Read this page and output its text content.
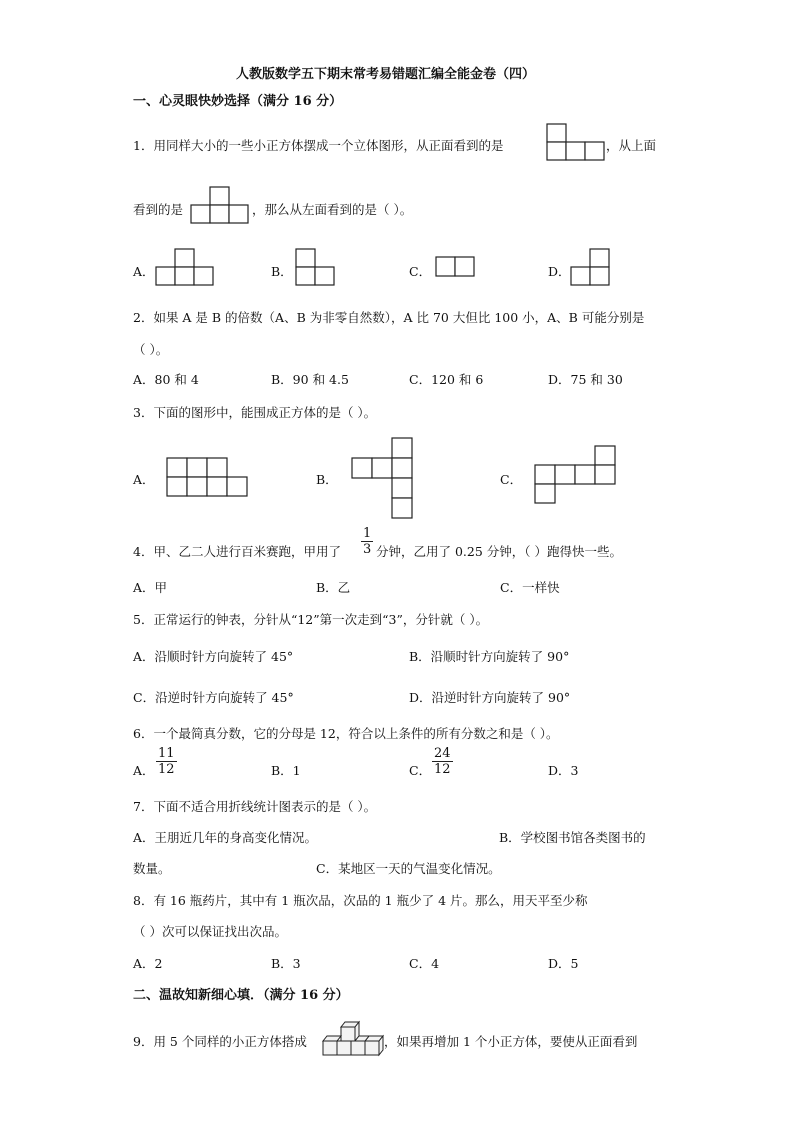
人教版数学五下期末常考易错题汇编全能金卷（四）
一、心灵眼快妙选择（满分 16 分）
1．用同样大小的一些小正方体摆成一个立体图形，从正面看到的是	，从上面
看到的是	，那么从左面看到的是（ ）。
A．	B．	C．	D．
2．如果 A 是 B 的倍数（A、B 为非零自然数），A 比 70 大但比 100 小，A、B 可能分别是
（ ）。
A．80 和 4	B．90 和 4.5	C．120 和 6	D．75 和 30
3．下面的图形中，能围成正方体的是（ ）。
A．	B．	C．
4．甲、乙二人进行百米赛跑，甲用了
1
3 分钟，乙用了 0.25 分钟，（ ）跑得快一些。
A．甲	B．乙	C．一样快
5．正常运行的钟表，分针从“12”第一次走到“3”，分针就（ ）。
A．沿顺时针方向旋转了 45°	B．沿顺时针方向旋转了 90°
C．沿逆时针方向旋转了 45°	D．沿逆时针方向旋转了 90°
6．一个最简真分数，它的分母是 12，符合以上条件的所有分数之和是（ ）。
A．
11
12	B．1	C．
24
12	D．3
7．下面不适合用折线统计图表示的是（ ）。
A．王朋近几年的身高变化情况。	B．学校图书馆各类图书的
数量。	C．某地区一天的气温变化情况。
8．有 16 瓶药片，其中有 1 瓶次品，次品的 1 瓶少了 4 片。那么，用天平至少称
（ ）次可以保证找出次品。
A．2	B．3	C．4	D．5
二、温故知新细心填．（满分 16 分）
9．用 5 个同样的小正方体搭成	，如果再增加 1 个小正方体，要使从正面看到
